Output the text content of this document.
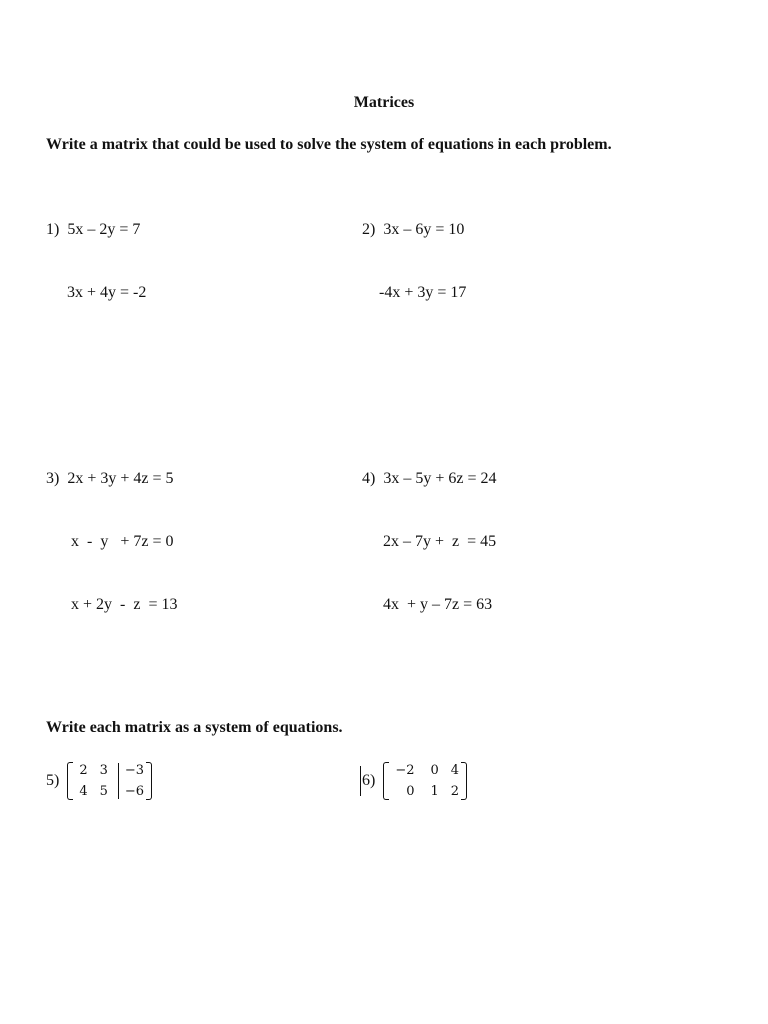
Matrices
Write a matrix that could be used to solve the system of equations in each problem.

1) 5x – 2y = 7

3x + 4y = -2

2) 3x – 6y = 10

-4x + 3y = 17

3) 2x + 3y + 4z = 5

x  -  y   + 7z = 0

x + 2y  -  z  = 13

4) 3x – 5y + 6z = 24

2x – 7y +  z  = 45

4x  + y – 7z = 63

Write each matrix as a system of equations.
5)
2 3
4 5
−3
−6
6)
−2	0
0	1
4
2
